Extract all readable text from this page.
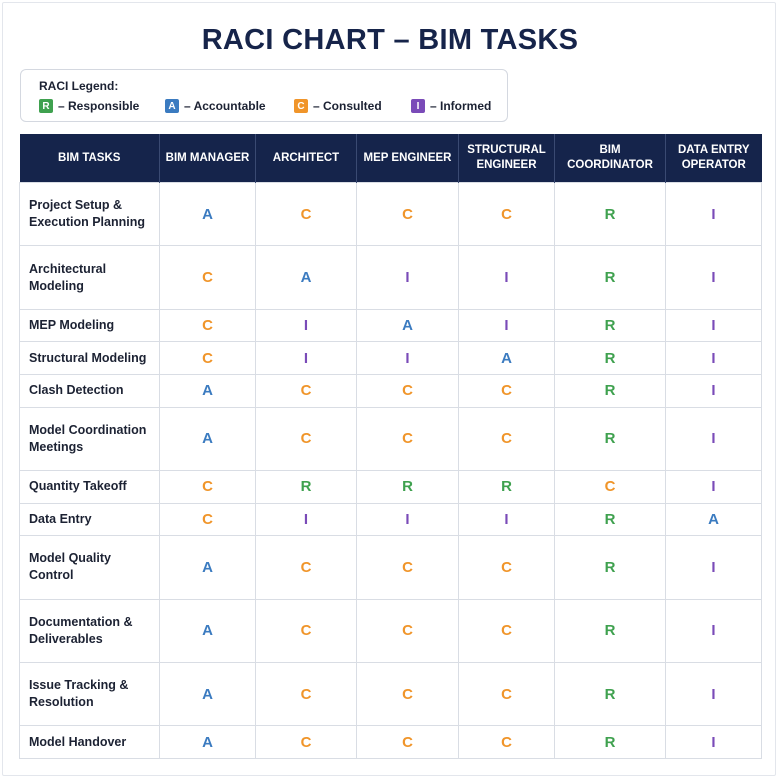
RACI CHART – BIM TASKS
RACI Legend:
R – Responsible	A – Accountable	C – Consulted	I – Informed
BIM TASKS	BIM MANAGER	ARCHITECT	MEP ENGINEER	STRUCTURAL ENGINEER	BIM COORDINATOR	DATA ENTRY OPERATOR
Project Setup & Execution Planning	A	C	C	C	R	I
Architectural Modeling	C	A	I	I	R	I
MEP Modeling	C	I	A	I	R	I
Structural Modeling	C	I	I	A	R	I
Clash Detection	A	C	C	C	R	I
Model Coordination Meetings	A	C	C	C	R	I
Quantity Takeoff	C	R	R	R	C	I
Data Entry	C	I	I	I	R	A
Model Quality Control	A	C	C	C	R	I
Documentation & Deliverables	A	C	C	C	R	I
Issue Tracking & Resolution	A	C	C	C	R	I
Model Handover	A	C	C	C	R	I
